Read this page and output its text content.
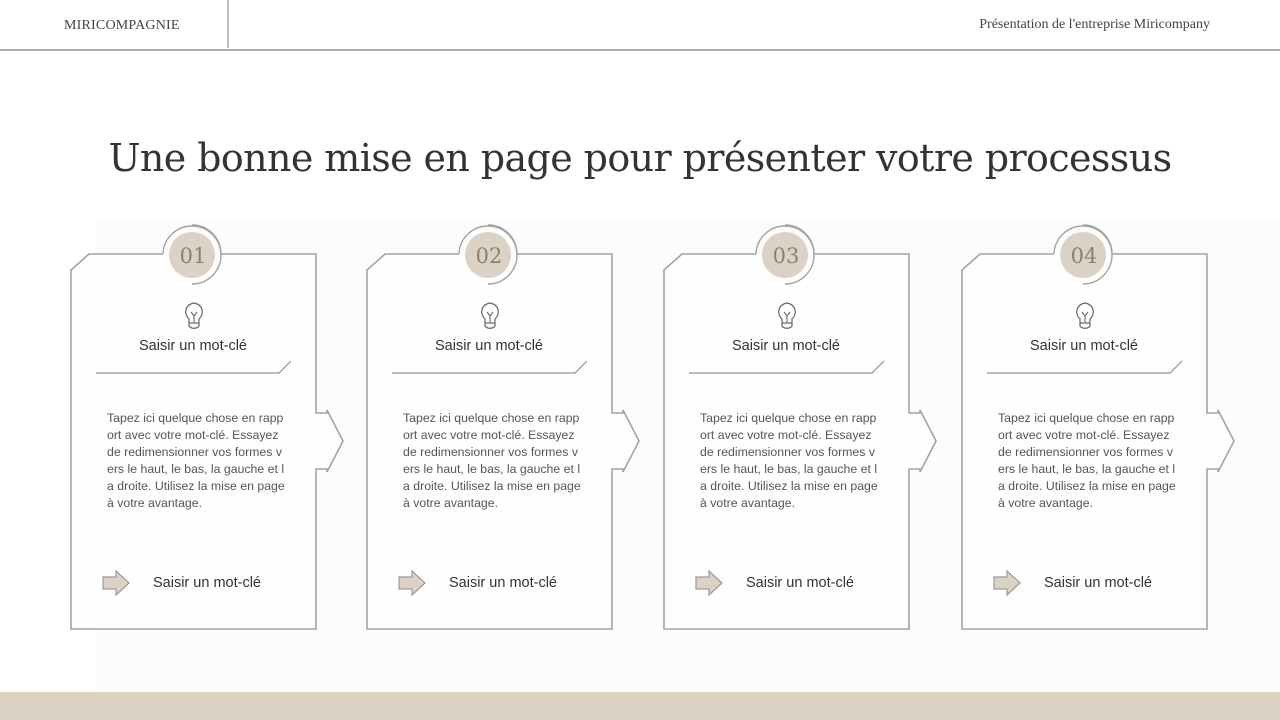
MIRICOMPAGNIE	Présentation de l'entreprise Miricompany
Une bonne mise en page pour présenter votre processus
01
Saisir un mot-clé
Tapez ici quelque chose en rapport avec votre mot-clé. Essayez de redimensionner vos formes vers le haut, le bas, la gauche et la droite. Utilisez la mise en page à votre avantage.
Saisir un mot-clé
02
Saisir un mot-clé
Tapez ici quelque chose en rapport avec votre mot-clé. Essayez de redimensionner vos formes vers le haut, le bas, la gauche et la droite. Utilisez la mise en page à votre avantage.
Saisir un mot-clé
03
Saisir un mot-clé
Tapez ici quelque chose en rapport avec votre mot-clé. Essayez de redimensionner vos formes vers le haut, le bas, la gauche et la droite. Utilisez la mise en page à votre avantage.
Saisir un mot-clé
04
Saisir un mot-clé
Tapez ici quelque chose en rapport avec votre mot-clé. Essayez de redimensionner vos formes vers le haut, le bas, la gauche et la droite. Utilisez la mise en page à votre avantage.
Saisir un mot-clé
